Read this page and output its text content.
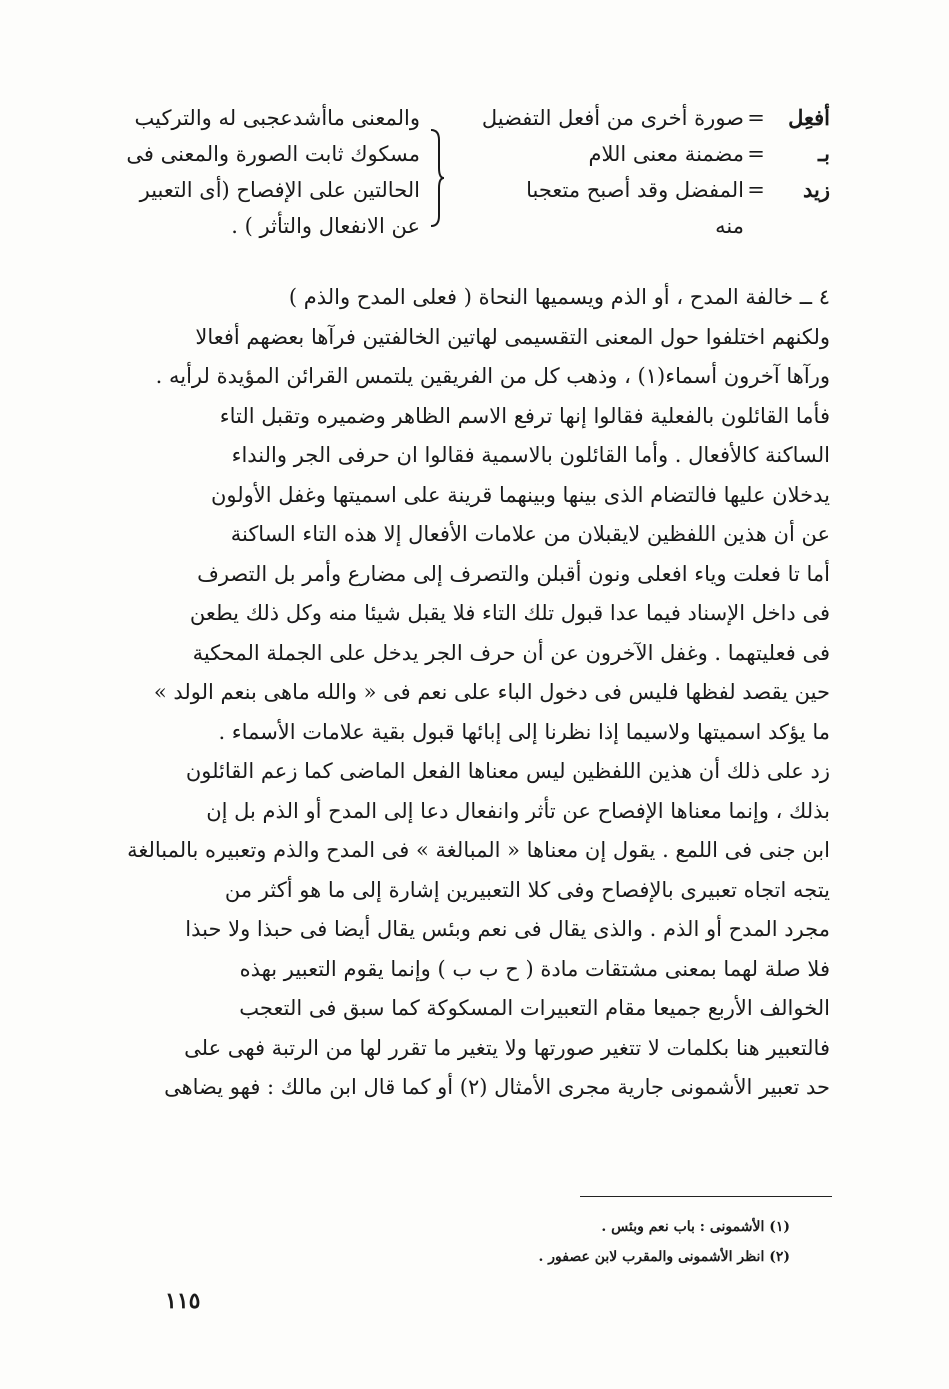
أفعِل
=
صورة أخرى من أفعل التفضيل
بـ
=
مضمنة معنى اللام
زيد
=
المفضل وقد أصبح متعجبا
منه
والمعنى ماأشدعجبى له والتركيب
مسكوك ثابت الصورة والمعنى فى
الحالتين على الإفصاح (أى التعبير
عن الانفعال والتأثر ) .
٤ ــ خالفة المدح ، أو الذم ويسميها النحاة ( فعلى المدح والذم )
ولكنهم اختلفوا حول المعنى التقسيمى لهاتين الخالفتين فرآها بعضهم أفعالا
ورآها آخرون أسماء(١) ، وذهب كل من الفريقين يلتمس القرائن المؤيدة لرأيه .
فأما القائلون بالفعلية فقالوا إنها ترفع الاسم الظاهر وضميره وتقبل التاء
الساكنة كالأفعال . وأما القائلون بالاسمية فقالوا ان حرفى الجر والنداء
يدخلان عليها فالتضام الذى بينها وبينهما قرينة على اسميتها وغفل الأولون
عن أن هذين اللفظين لايقبلان من علامات الأفعال إلا هذه التاء الساكنة
أما تا فعلت وياء افعلى ونون أقبلن والتصرف إلى مضارع وأمر بل التصرف
فى داخل الإسناد فيما عدا قبول تلك التاء فلا يقبل شيئا منه وكل ذلك يطعن
فى فعليتهما . وغفل الآخرون عن أن حرف الجر يدخل على الجملة المحكية
حين يقصد لفظها فليس فى دخول الباء على نعم فى « والله ماهى بنعم الولد »
ما يؤكد اسميتها ولاسيما إذا نظرنا إلى إبائها قبول بقية علامات الأسماء .
زد على ذلك أن هذين اللفظين ليس معناها الفعل الماضى كما زعم القائلون
بذلك ، وإنما معناها الإفصاح عن تأثر وانفعال دعا إلى المدح أو الذم بل إن
ابن جنى فى اللمع . يقول إن معناها « المبالغة » فى المدح والذم وتعبيره بالمبالغة
يتجه اتجاه تعبيرى بالإفصاح وفى كلا التعبيرين إشارة إلى ما هو أكثر من
مجرد المدح أو الذم . والذى يقال فى نعم وبئس يقال أيضا فى حبذا ولا حبذا
فلا صلة لهما بمعنى مشتقات مادة ( ح ب ب ) وإنما يقوم التعبير بهذه
الخوالف الأربع جميعا مقام التعبيرات المسكوكة كما سبق فى التعجب
فالتعبير هنا بكلمات لا تتغير صورتها ولا يتغير ما تقرر لها من الرتبة فهى على
حد تعبير الأشمونى جارية مجرى الأمثال (٢) أو كما قال ابن مالك : فهو يضاهى
(١) الأشمونى : باب نعم وبئس .
(٢) انظر الأشمونى والمقرب لابن عصفور .
١١٥
